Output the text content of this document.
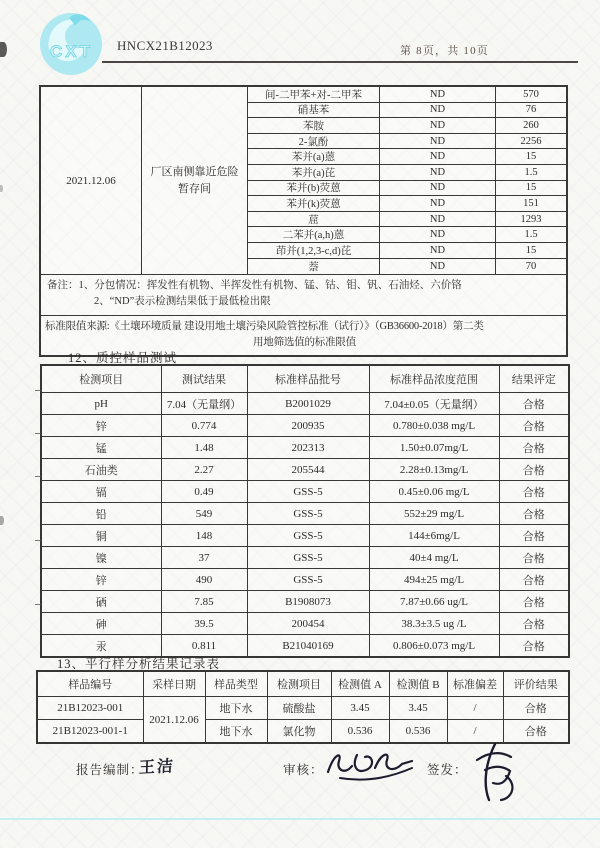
CXT HNCX21B12023	第 8页，共 10页
2021.12.06
厂区南侧靠近危险暂存间
间-二甲苯+对-二甲苯	ND	570
硝基苯	ND	76
苯胺	ND	260
2-氯酚	ND	2256
苯并(a)蒽	ND	15
苯并(a)芘	ND	1.5
苯并(b)荧蒽	ND	15
苯并(k)荧蒽	ND	151
䓛	ND	1293
二苯并(a,h)蒽	ND	1.5
茚并(1,2,3-c,d)芘	ND	15
萘	ND	70
备注：1、分包情况：挥发性有机物、半挥发性有机物、锰、钴、钼、钒、石油烃、六价铬
2、“ND”表示检测结果低于最低检出限
标准限值来源:《土壤环境质量 建设用地土壤污染风险管控标准（试行）》（GB36600-2018）第二类
用地筛选值的标准限值
12、质控样品测试
检测项目	测试结果	标准样品批号	标准样品浓度范围	结果评定
pH	7.04（无量纲）	B2001029	7.04±0.05（无量纲）	合格
锌	0.774	200935	0.780±0.038 mg/L	合格
锰	1.48	202313	1.50±0.07mg/L	合格
石油类	2.27	205544	2.28±0.13mg/L	合格
镉	0.49	GSS-5	0.45±0.06 mg/L	合格
铅	549	GSS-5	552±29 mg/L	合格
铜	148	GSS-5	144±6mg/L	合格
镍	37	GSS-5	40±4 mg/L	合格
锌	490	GSS-5	494±25 mg/L	合格
硒	7.85	B1908073	7.87±0.66 ug/L	合格
砷	39.5	200454	38.3±3.5 ug /L	合格
汞	0.811	B21040169	0.806±0.073 mg/L	合格
13、平行样分析结果记录表
样品编号	采样日期	样品类型	检测项目	检测值 A	检测值 B	标准偏差	评价结果
21B12023-001	2021.12.06	地下水	硫酸盐	3.45	3.45	/	合格
21B12023-001-1		地下水	氯化物	0.536	0.536	/	合格
报告编制：
王洁	审核：	签发：
